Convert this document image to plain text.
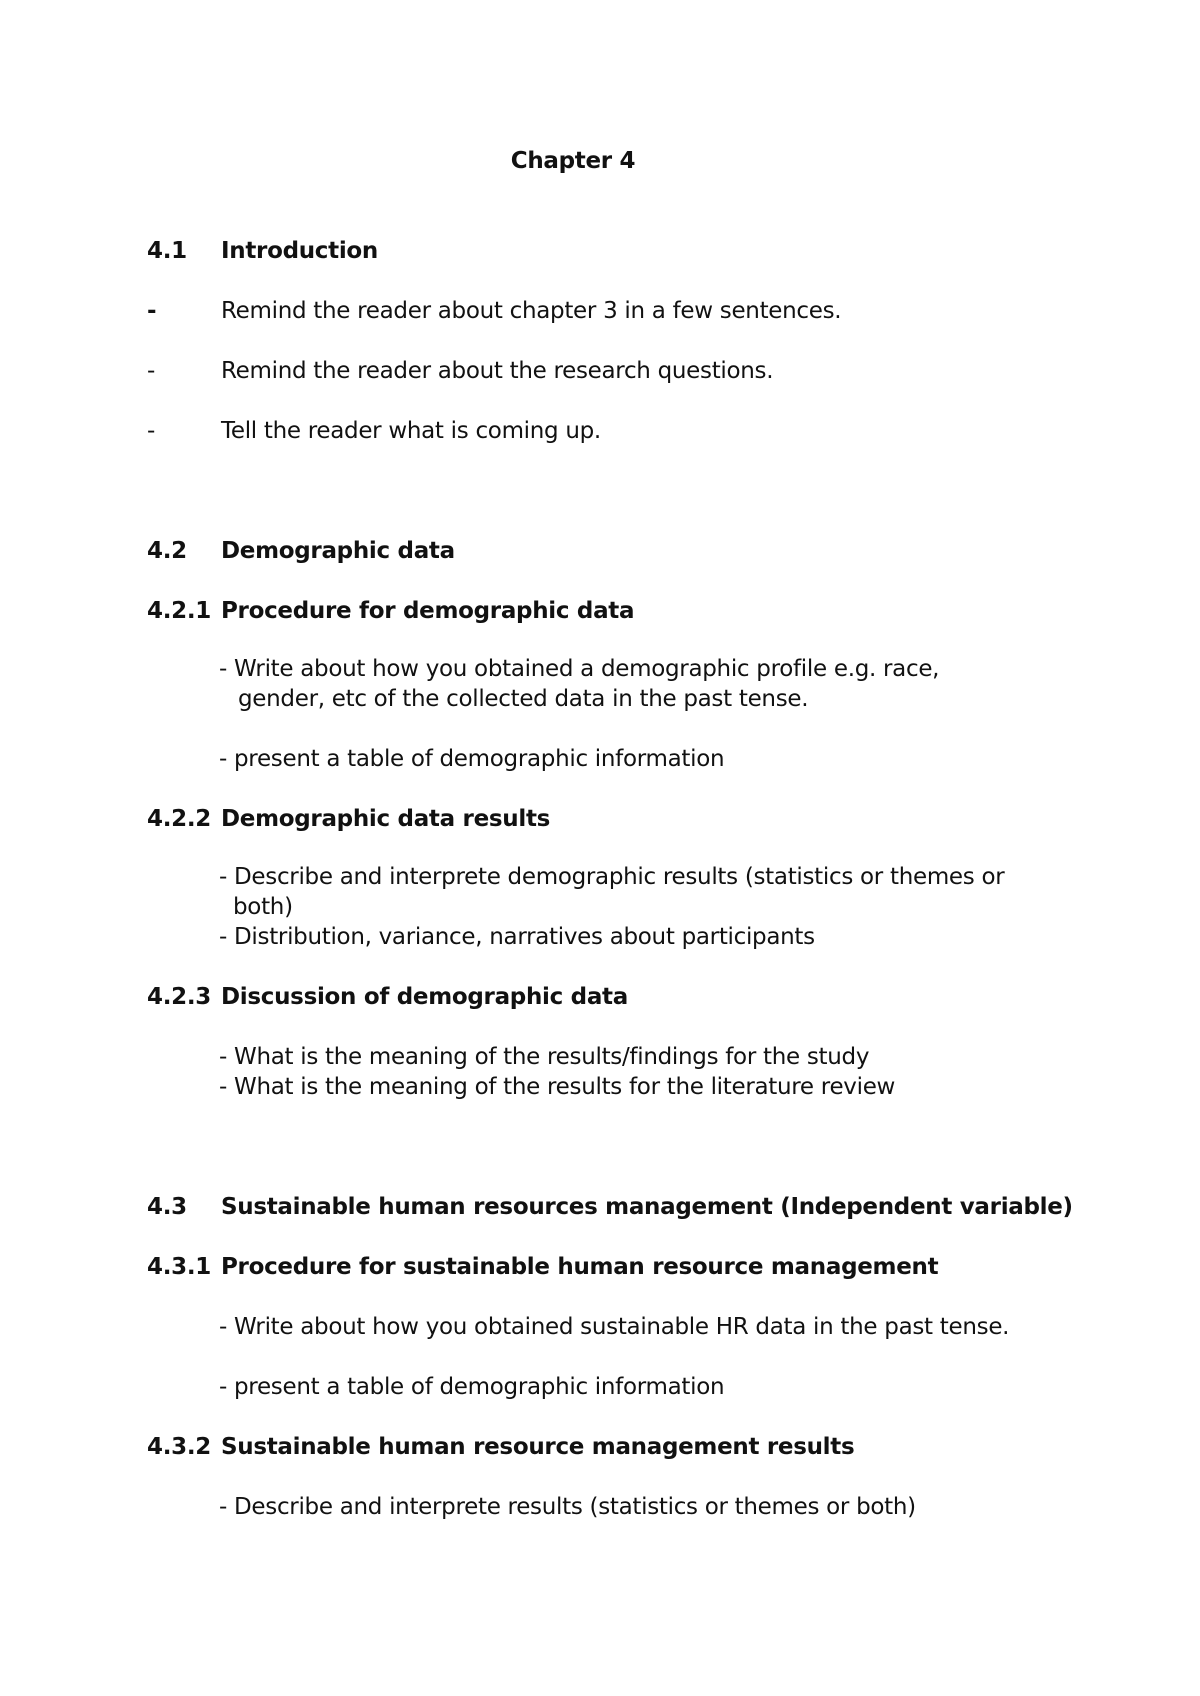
Chapter 4
4.1 Introduction
-	Remind the reader about chapter 3 in a few sentences.
-	Remind the reader about the research questions.
-	Tell the reader what is coming up.
4.2 Demographic data
4.2.1 Procedure for demographic data
- Write about how you obtained a demographic profile e.g. race,
gender, etc of the collected data in the past tense.
- present a table of demographic information
4.2.2 Demographic data results
- Describe and interprete demographic results (statistics or themes or
both)
- Distribution, variance, narratives about participants
4.2.3 Discussion of demographic data
- What is the meaning of the results/findings for the study
- What is the meaning of the results for the literature review
4.3 Sustainable human resources management (Independent variable)
4.3.1 Procedure for sustainable human resource management
- Write about how you obtained sustainable HR data in the past tense.
- present a table of demographic information
4.3.2 Sustainable human resource management results
- Describe and interprete results (statistics or themes or both)
